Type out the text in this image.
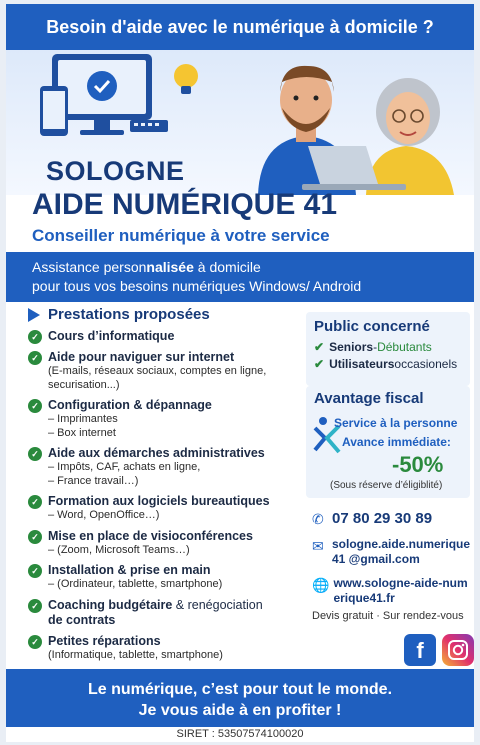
Besoin d'aide avec le numérique à domicile ?
SOLOGNE
AIDE NUMÉRIQUE 41
Conseiller numérique à votre service
Assistance personnalisée à domicile
pour tous vos besoins numériques Windows/ Android
Prestations proposées
✓ Cours d’informatique
✓ Aide pour naviguer sur internet
(E-mails, réseaux sociaux, comptes en ligne, securisation...)
✓ Configuration & dépannage
– Imprimantes
– Box internet
✓ Aide aux démarches administratives
– Impôts, CAF, achats en ligne,
– France travail…)
✓ Formation aux logiciels bureautiques
– Word, OpenOffice…)
✓ Mise en place de visioconférences
– (Zoom, Microsoft Teams…)
✓ Installation & prise en main
– (Ordinateur, tablette, smartphone)
✓ Coaching budgétaire & renégociation
de contrats
✓ Petites réparations
(Informatique, tablette, smartphone)
Public concerné
✔ Seniors - Débutants
✔ Utilisateurs occasionels
Avantage fiscal
Service à la personne
Avance immédiate:
-50%
(Sous réserve d’éligiblité)
✆ 07 80 29 30 89
✉ sologne.aide.numerique41 @gmail.com
🌐 www.sologne-aide-numerique41.fr
Devis gratuit · Sur rendez-vous
f
Le numérique, c’est pour tout le monde.
Je vous aide à en profiter !
SIRET : 53507574100020
